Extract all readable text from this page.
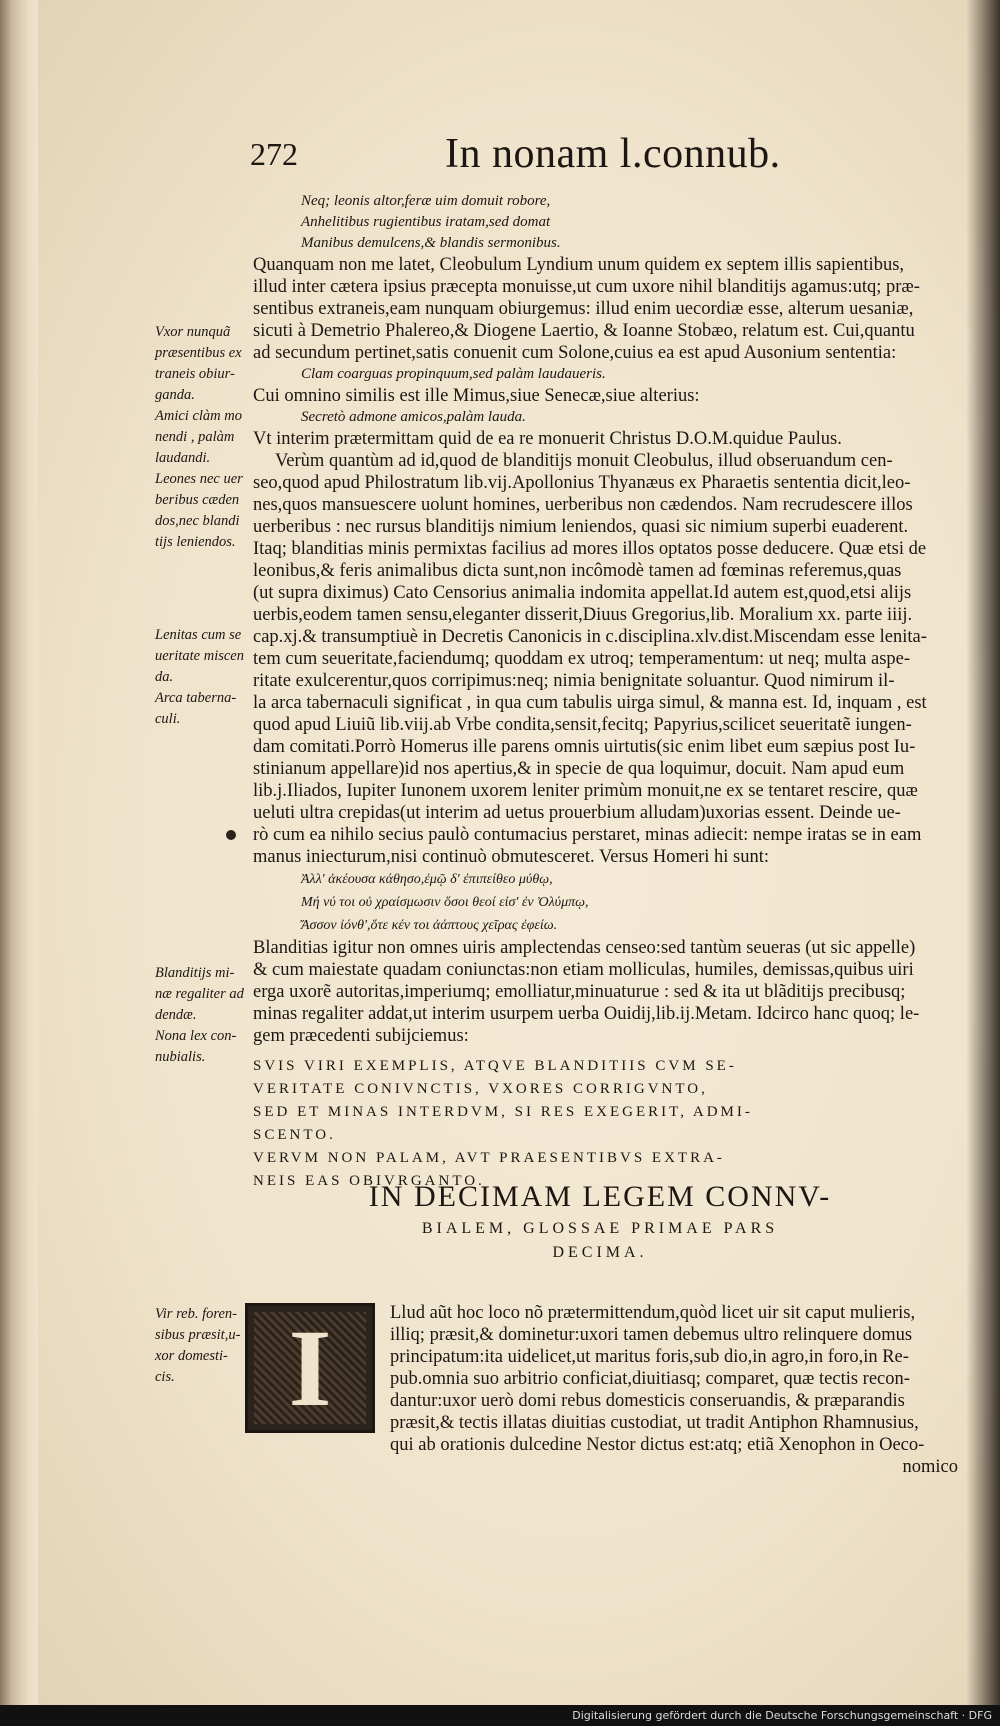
272	In nonam l.connub.
Neq; leonis altor,feræ uim domuit robore,
Anhelitibus rugientibus iratam,sed domat
Manibus demulcens,& blandis sermonibus.
Quanquam non me latet, Cleobulum Lyndium unum quidem ex septem illis sapientibus,
illud inter cætera ipsius præcepta monuisse,ut cum uxore nihil blanditijs agamus:utq; præ-
sentibus extraneis,eam nunquam obiurgemus: illud enim uecordiæ esse, alterum uesaniæ,
sicuti à Demetrio Phalereo,& Diogene Laertio, & Ioanne Stobæo, relatum est. Cui,quantu
ad secundum pertinet,satis conuenit cum Solone,cuius ea est apud Ausonium sententia:
Clam coarguas propinquum,sed palàm laudaueris.
Cui omnino similis est ille Mimus,siue Senecæ,siue alterius:
Secretò admone amicos,palàm lauda.
Vt interim prætermittam quid de ea re monuerit Christus D.O.M.quidue Paulus.
Verùm quantùm ad id,quod de blanditijs monuit Cleobulus, illud obseruandum cen-
seo,quod apud Philostratum lib.vij.Apollonius Thyanæus ex Pharaetis sententia dicit,leo-
nes,quos mansuescere uolunt homines, uerberibus non cædendos. Nam recrudescere illos
uerberibus : nec rursus blanditijs nimium leniendos, quasi sic nimium superbi euaderent.
Itaq; blanditias minis permixtas facilius ad mores illos optatos posse deducere. Quæ etsi de
leonibus,& feris animalibus dicta sunt,non incômodè tamen ad fœminas referemus,quas
(ut supra diximus) Cato Censorius animalia indomita appellat.Id autem est,quod,etsi alijs
uerbis,eodem tamen sensu,eleganter disserit,Diuus Gregorius,lib. Moralium xx. parte iiij.
cap.xj.& transumptiuè in Decretis Canonicis in c.disciplina.xlv.dist.Miscendam esse lenita-
tem cum seueritate,faciendumq; quoddam ex utroq; temperamentum: ut neq; multa aspe-
ritate exulcerentur,quos corripimus:neq; nimia benignitate soluantur. Quod nimirum il-
la arca tabernaculi significat , in qua cum tabulis uirga simul, & manna est. Id, inquam , est
quod apud Liuiũ lib.viij.ab Vrbe condita,sensit,fecitq; Papyrius,scilicet seueritatẽ iungen-
dam comitati.Porrò Homerus ille parens omnis uirtutis(sic enim libet eum sæpius post Iu-
stinianum appellare)id nos apertius,& in specie de qua loquimur, docuit. Nam apud eum
lib.j.Iliados, Iupiter Iunonem uxorem leniter primùm monuit,ne ex se tentaret rescire, quæ
ueluti ultra crepidas(ut interim ad uetus prouerbium alludam)uxorias essent. Deinde ue-
rò cum ea nihilo secius paulò contumacius perstaret, minas adiecit: nempe iratas se in eam
manus iniecturum,nisi continuò obmutesceret. Versus Homeri hi sunt:
Ἀλλ' ἀκέουσα κάθησο,ἐμῷ δ' ἐπιπείθεο μύθῳ,
Μή νύ τοι οὐ χραίσμωσιν ὅσοι θεοί εἰσ' ἐν Ὀλύμπῳ,
Ἄσσον ἰόνθ',ὅτε κέν τοι ἀάπτους χεῖρας ἐφείω.
Blanditias igitur non omnes uiris amplectendas censeo:sed tantùm seueras (ut sic appelle)
& cum maiestate quadam coniunctas:non etiam molliculas, humiles, demissas,quibus uiri
erga uxorẽ autoritas,imperiumq; emolliatur,minuaturue : sed & ita ut blãditijs precibusq;
minas regaliter addat,ut interim usurpem uerba Ouidij,lib.ij.Metam. Idcirco hanc quoq; le-
gem præcedenti subijciemus:
SVIS VIRI EXEMPLIS, ATQVE BLANDITIIS CVM SE-
VERITATE CONIVNCTIS, VXORES CORRIGVNTO,
SED ET MINAS INTERDVM, SI RES EXEGERIT, ADMI-
SCENTO.
VERVM NON PALAM, AVT PRAESENTIBVS EXTRA-
NEIS EAS OBIVRGANTO.
Vxor nunquã
præsentibus ex
traneis obiur-
ganda.
Amici clàm mo
nendi , palàm
laudandi.
Leones nec uer
beribus cæden
dos,nec blandi
tijs leniendos.
Lenitas cum se
ueritate miscen
da.
Arca taberna-
culi.
Blanditijs mi-
næ regaliter ad
dendæ.
Nona lex con-
nubialis.
Vir reb. foren-
sibus præsit,u-
xor domesti-
cis.
IN DECIMAM LEGEM CONNV-
BIALEM, GLOSSAE PRIMAE PARS
DECIMA.
I	Llud aũt hoc loco nõ prætermittendum,quòd licet uir sit caput mulieris,
illiq; præsit,& dominetur:uxori tamen debemus ultro relinquere domus
principatum:ita uidelicet,ut maritus foris,sub dio,in agro,in foro,in Re-
pub.omnia suo arbitrio conficiat,diuitiasq; comparet, quæ tectis recon-
dantur:uxor uerò domi rebus domesticis conseruandis, & præparandis
præsit,& tectis illatas diuitias custodiat, ut tradit Antiphon Rhamnusius,
qui ab orationis dulcedine Nestor dictus est:atq; etiã Xenophon in Oeco-
nomico
Digitalisierung gefördert durch die Deutsche Forschungsgemeinschaft · DFG
